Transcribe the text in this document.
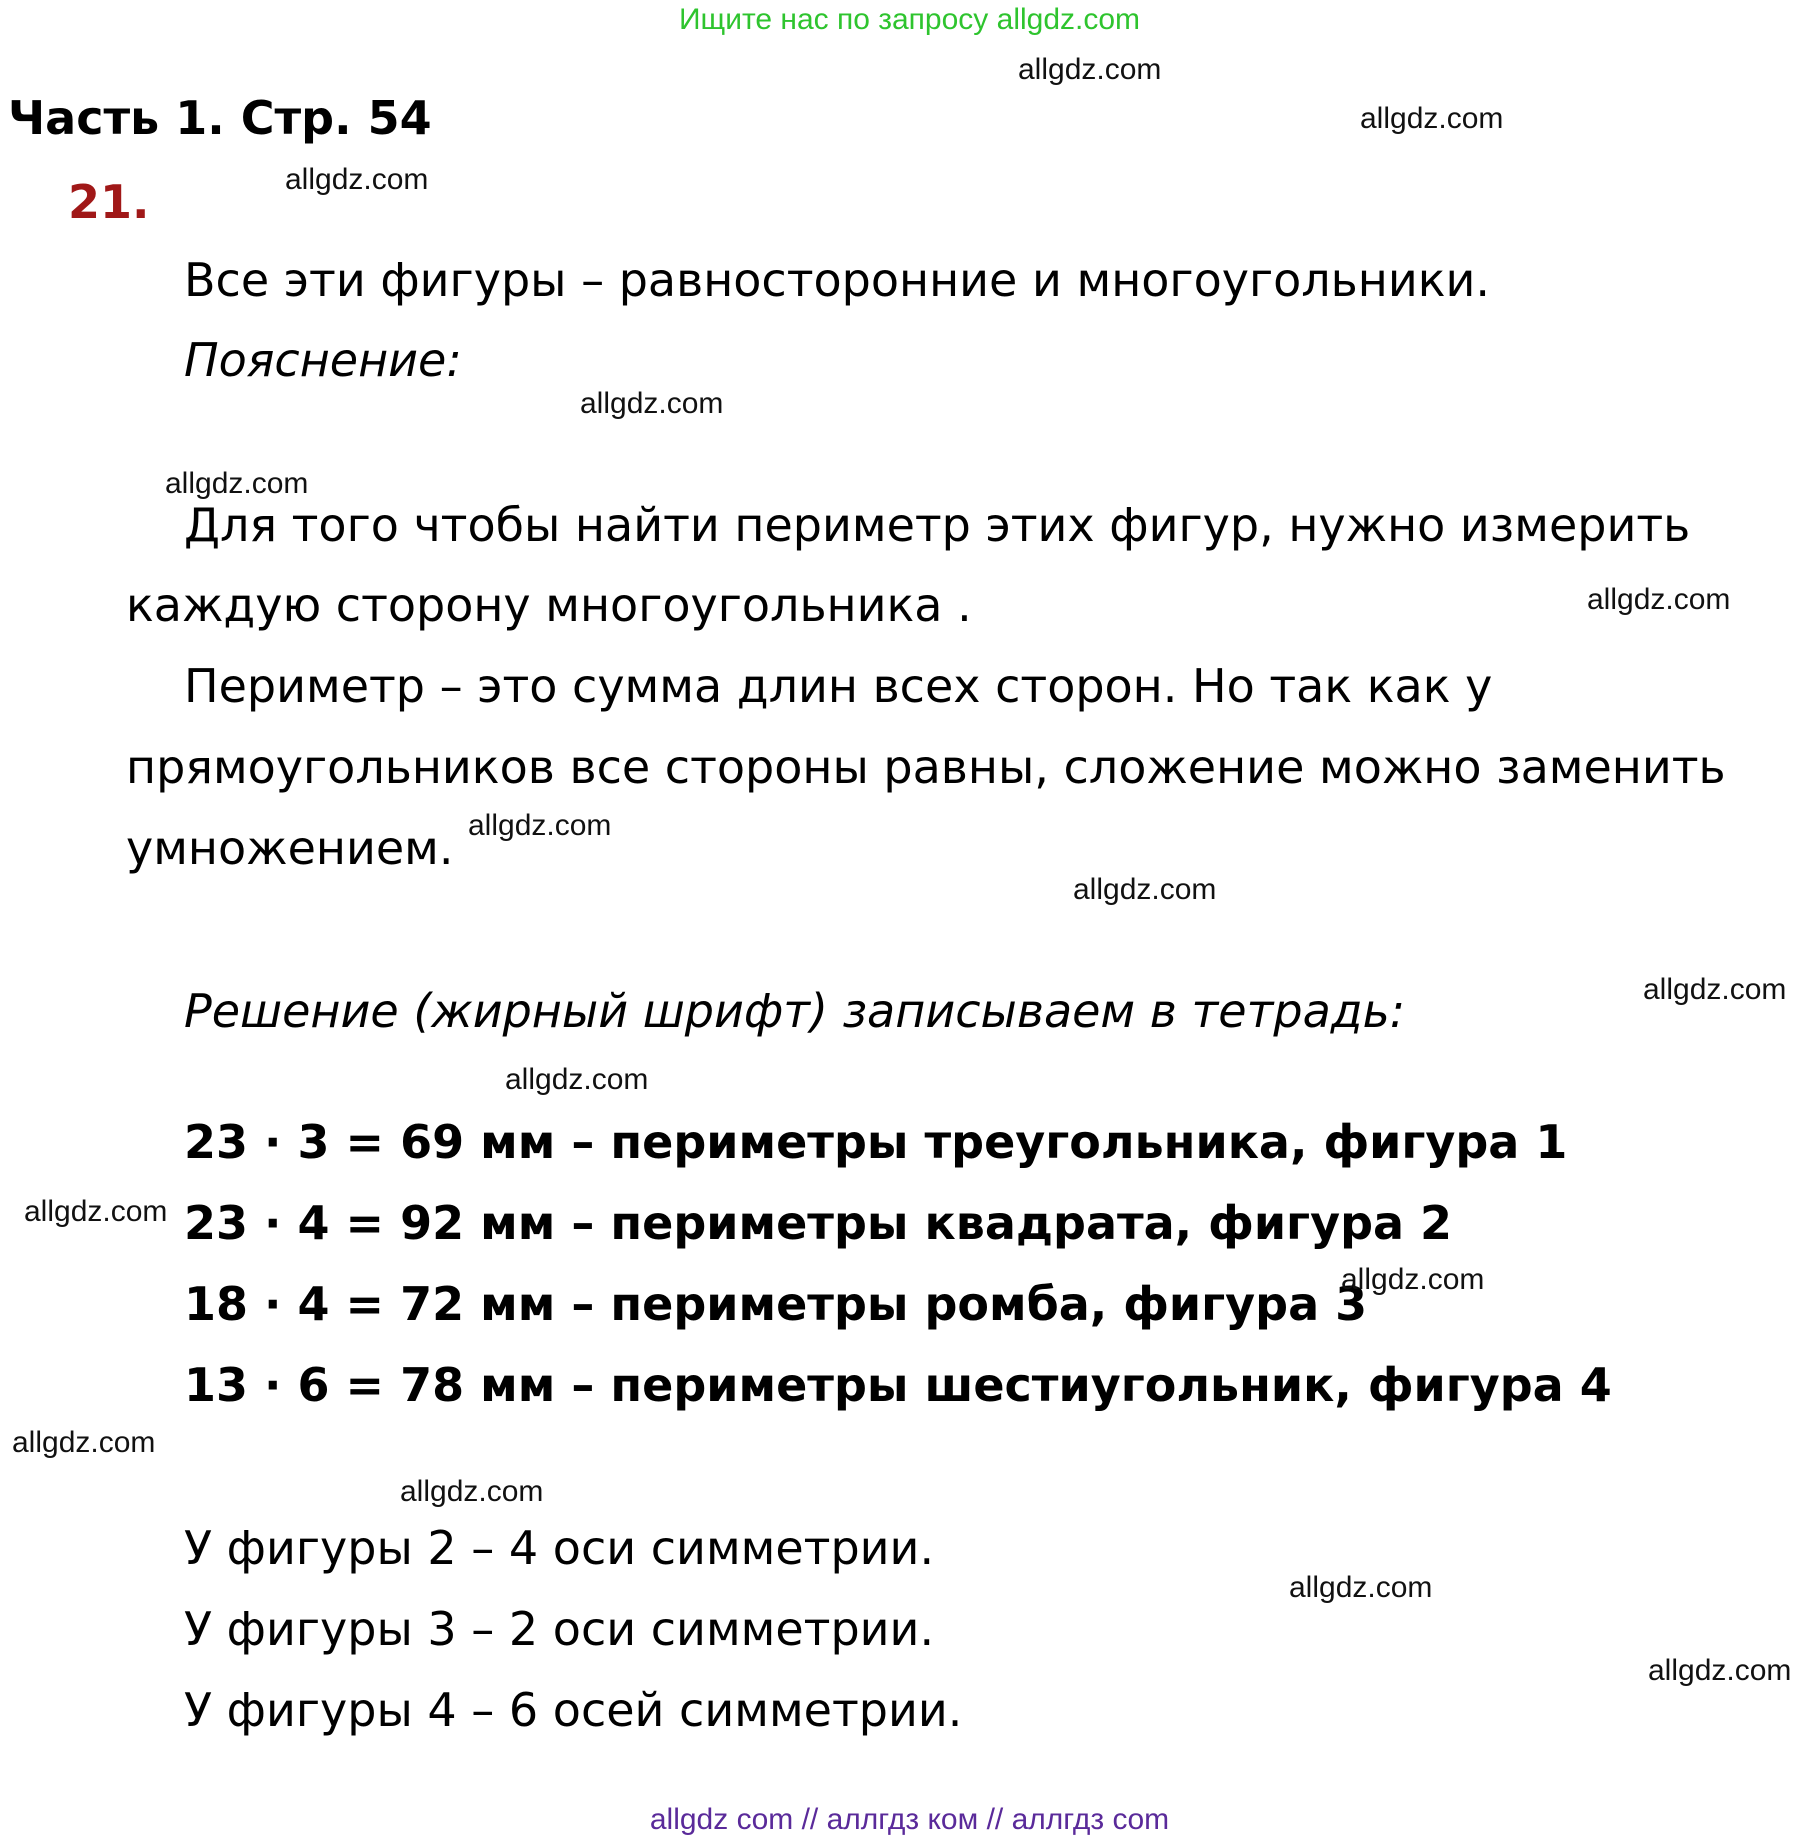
Ищите нас по запросу allgdz.com
Часть 1. Стр. 54
21.
Все эти фигуры – равносторонние и многоугольники.
Пояснение:
Для того чтобы найти периметр этих фигур, нужно измерить
каждую сторону многоугольника .
Периметр – это сумма длин всех сторон. Но так как у
прямоугольников все стороны равны, сложение можно заменить
умножением.
Решение (жирный шрифт) записываем в тетрадь:
23 · 3 = 69 мм – периметры треугольника, фигура 1
23 · 4 = 92 мм – периметры квадрата, фигура 2
18 · 4 = 72 мм – периметры ромба, фигура 3
13 · 6 = 78 мм – периметры шестиугольник, фигура 4
У фигуры 2 – 4 оси симметрии.
У фигуры 3 – 2 оси симметрии.
У фигуры 4 – 6 осей симметрии.
allgdz.com
allgdz.com
allgdz.com
allgdz.com
allgdz.com
allgdz.com
allgdz.com
allgdz.com
allgdz.com
allgdz.com
allgdz.com
allgdz.com
allgdz.com
allgdz.com
allgdz.com
allgdz.com
allgdz com // аллгдз ком // аллгдз com
